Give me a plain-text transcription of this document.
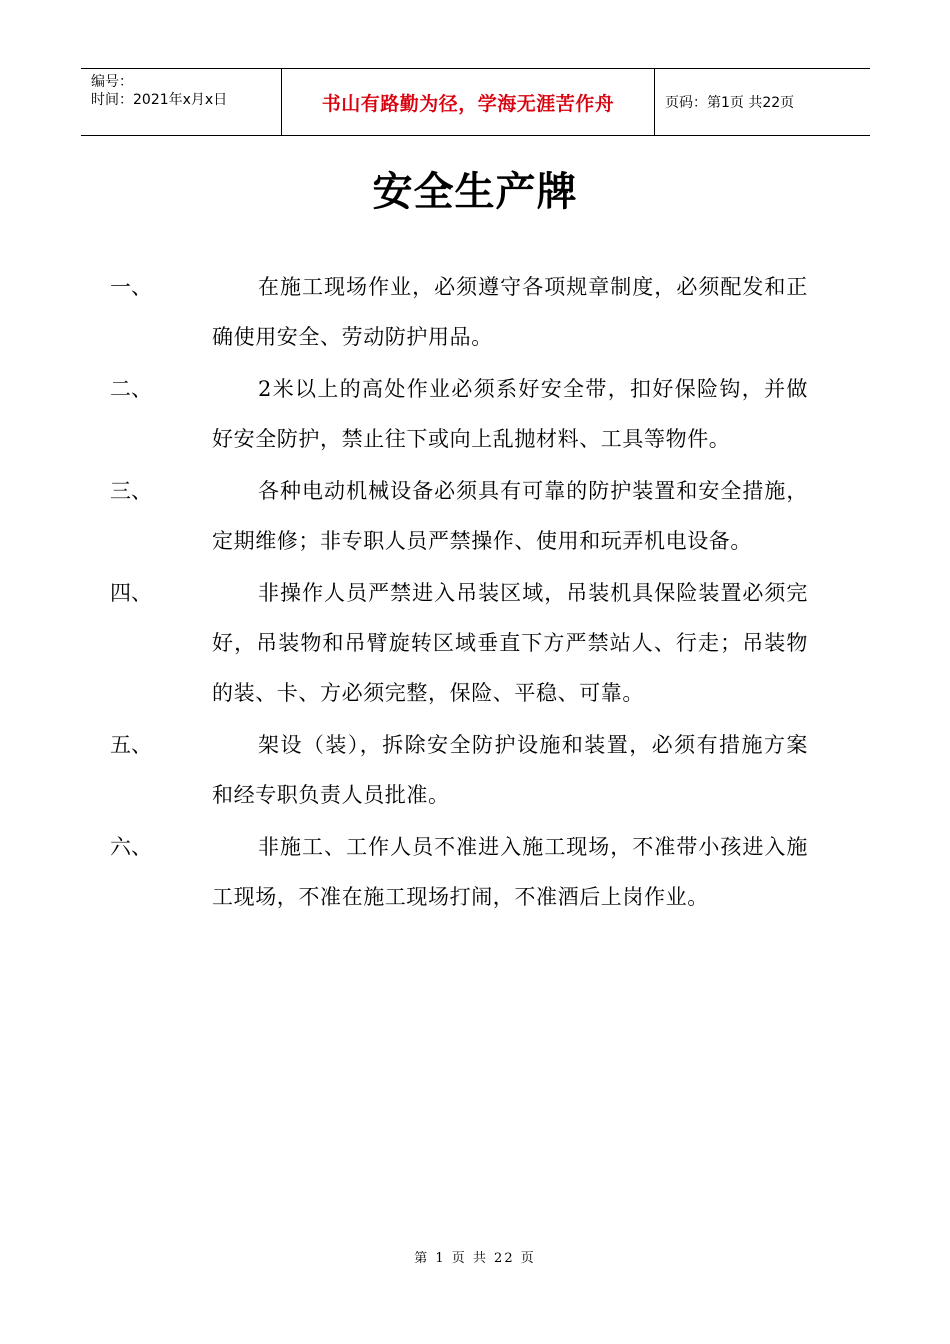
编号：
时间：2021年x月x日	书山有路勤为径，学海无涯苦作舟	页码：第1页 共22页
安全生产牌
一、	在施工现场作业，必须遵守各项规章制度，必须配发和正确使用安全、劳动防护用品。
二、	2米以上的高处作业必须系好安全带，扣好保险钩，并做好安全防护，禁止往下或向上乱抛材料、工具等物件。
三、	各种电动机械设备必须具有可靠的防护装置和安全措施，定期维修；非专职人员严禁操作、使用和玩弄机电设备。
四、	非操作人员严禁进入吊装区域，吊装机具保险装置必须完好，吊装物和吊臂旋转区域垂直下方严禁站人、行走；吊装物的装、卡、方必须完整，保险、平稳、可靠。
五、	架设（装），拆除安全防护设施和装置，必须有措施方案和经专职负责人员批准。
六、	非施工、工作人员不准进入施工现场，不准带小孩进入施工现场，不准在施工现场打闹，不准酒后上岗作业。
第 1 页 共 22 页
